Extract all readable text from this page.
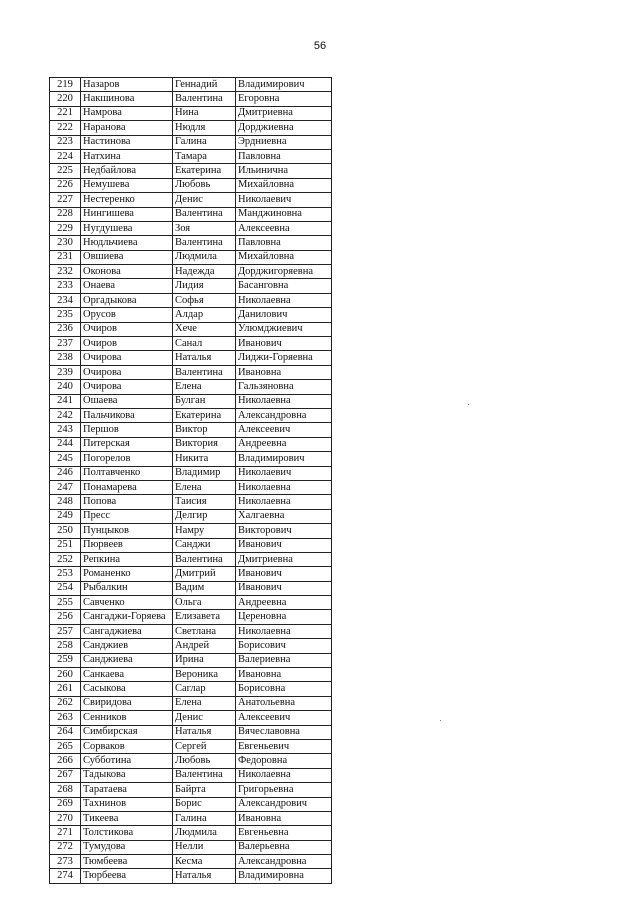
56
219	Назаров	Геннадий	Владимирович
220	Накшинова	Валентина	Егоровна
221	Намрова	Нина	Дмитриевна
222	Наранова	Нюдля	Дорджиевна
223	Настинова	Галина	Эрдниевна
224	Натхина	Тамара	Павловна
225	Недбайлова	Екатерина	Ильинична
226	Немушева	Любовь	Михайловна
227	Нестеренко	Денис	Николаевич
228	Нингишева	Валентина	Манджиновна
229	Нугдушева	Зоя	Алексеевна
230	Нюдльчиева	Валентина	Павловна
231	Овшиева	Людмила	Михайловна
232	Оконова	Надежда	Дорджигоряевна
233	Онаева	Лидия	Басанговна
234	Оргадыкова	Софья	Николаевна
235	Орусов	Алдар	Данилович
236	Очиров	Хече	Улюмджиевич
237	Очиров	Санал	Иванович
238	Очирова	Наталья	Лиджи-Горяевна
239	Очирова	Валентина	Ивановна
240	Очирова	Елена	Гальзяновна
241	Ошаева	Булган	Николаевна
242	Пальчикова	Екатерина	Александровна
243	Першов	Виктор	Алексеевич
244	Питерская	Виктория	Андреевна
245	Погорелов	Никита	Владимирович
246	Полтавченко	Владимир	Николаевич
247	Понамарева	Елена	Николаевна
248	Попова	Таисия	Николаевна
249	Пресс	Делгир	Халгаевна
250	Пунцыков	Намру	Викторович
251	Пюрвеев	Санджи	Иванович
252	Репкина	Валентина	Дмитриевна
253	Романенко	Дмитрий	Иванович
254	Рыбалкин	Вадим	Иванович
255	Савченко	Ольга	Андреевна
256	Сангаджи-Горяева	Елизавета	Цереновна
257	Сангаджиева	Светлана	Николаевна
258	Санджиев	Андрей	Борисович
259	Санджиева	Ирина	Валериевна
260	Санкаева	Вероника	Ивановна
261	Сасыкова	Саглар	Борисовна
262	Свиридова	Елена	Анатольевна
263	Сенников	Денис	Алексеевич
264	Симбирская	Наталья	Вячеславовна
265	Сорваков	Сергей	Евгеньевич
266	Субботина	Любовь	Федоровна
267	Тадыкова	Валентина	Николаевна
268	Таратаева	Байрта	Григорьевна
269	Тахнинов	Борис	Александрович
270	Тикеева	Галина	Ивановна
271	Толстикова	Людмила	Евгеньевна
272	Тумудова	Нелли	Валерьевна
273	Тюмбеева	Кесма	Александровна
274	Тюрбеева	Наталья	Владимировна
